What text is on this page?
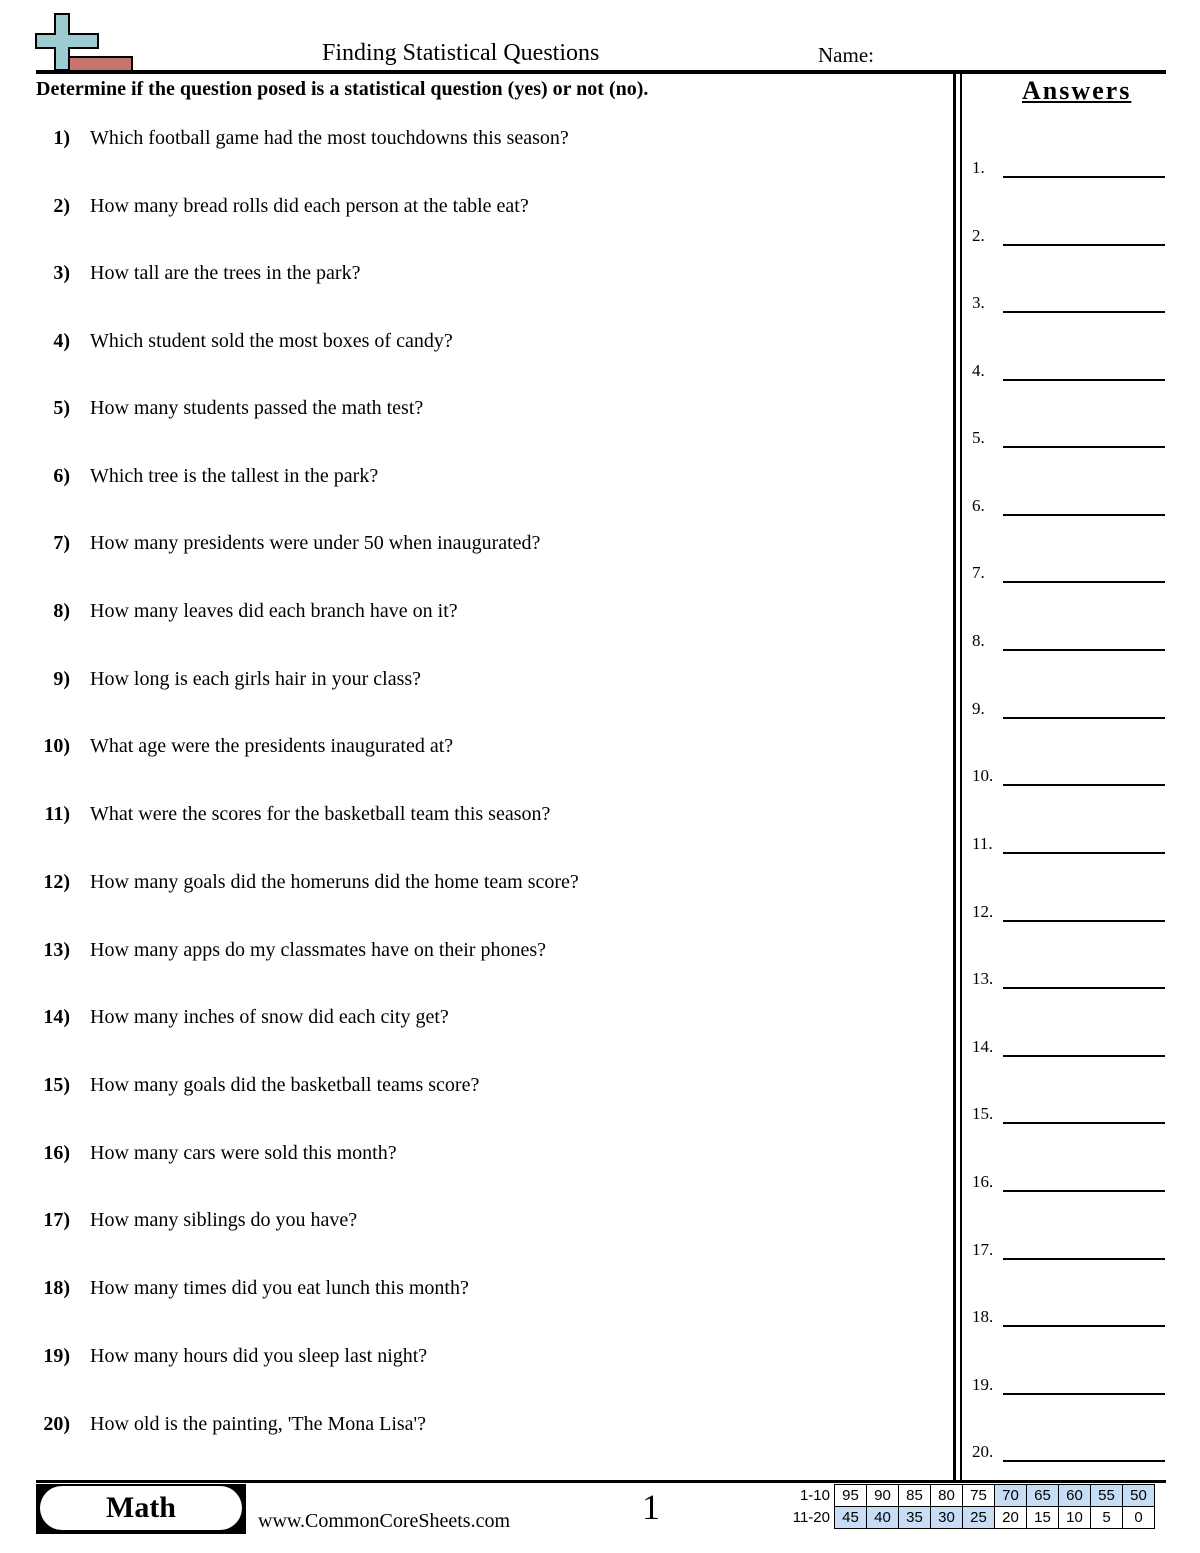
Finding Statistical Questions	Name:
Determine if the question posed is a statistical question (yes) or not (no).
1) Which football game had the most touchdowns this season?
2) How many bread rolls did each person at the table eat?
3) How tall are the trees in the park?
4) Which student sold the most boxes of candy?
5) How many students passed the math test?
6) Which tree is the tallest in the park?
7) How many presidents were under 50 when inaugurated?
8) How many leaves did each branch have on it?
9) How long is each girls hair in your class?
10) What age were the presidents inaugurated at?
11) What were the scores for the basketball team this season?
12) How many goals did the homeruns did the home team score?
13) How many apps do my classmates have on their phones?
14) How many inches of snow did each city get?
15) How many goals did the basketball teams score?
16) How many cars were sold this month?
17) How many siblings do you have?
18) How many times did you eat lunch this month?
19) How many hours did you sleep last night?
20) How old is the painting, 'The Mona Lisa'?
Answers
1.
2.
3.
4.
5.
6.
7.
8.
9.
10.
11.
12.
13.
14.
15.
16.
17.
18.
19.
20.
Math	www.CommonCoreSheets.com	1	1-10	95	90	85	80	75	70	65	60	55	50
11-20	45	40	35	30	25	20	15	10	5	0
